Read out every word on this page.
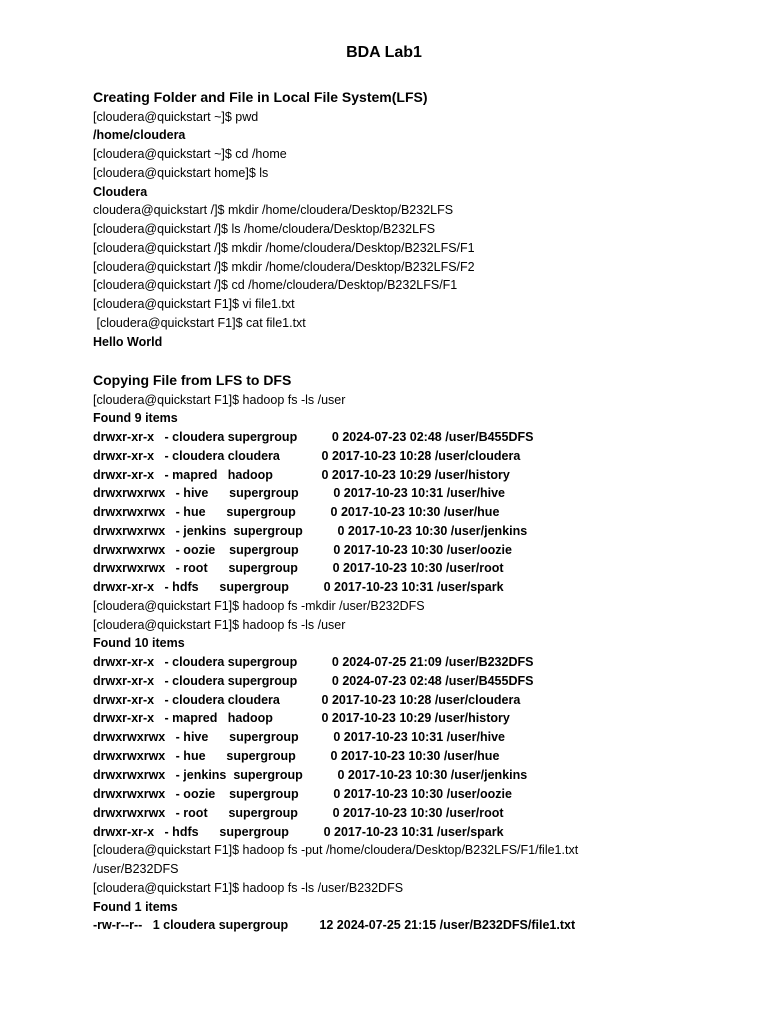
BDA Lab1
Creating Folder and File in Local File System(LFS)
[cloudera@quickstart ~]$ pwd
/home/cloudera
[cloudera@quickstart ~]$ cd /home
[cloudera@quickstart home]$ ls
Cloudera
cloudera@quickstart /]$ mkdir /home/cloudera/Desktop/B232LFS
[cloudera@quickstart /]$ ls /home/cloudera/Desktop/B232LFS
[cloudera@quickstart /]$ mkdir /home/cloudera/Desktop/B232LFS/F1
[cloudera@quickstart /]$ mkdir /home/cloudera/Desktop/B232LFS/F2
[cloudera@quickstart /]$ cd /home/cloudera/Desktop/B232LFS/F1
[cloudera@quickstart F1]$ vi file1.txt
[cloudera@quickstart F1]$ cat file1.txt
Hello World
Copying File from LFS to DFS
[cloudera@quickstart F1]$ hadoop fs -ls /user
Found 9 items
drwxr-xr-x   - cloudera supergroup          0 2024-07-23 02:48 /user/B455DFS
drwxr-xr-x   - cloudera cloudera            0 2017-10-23 10:28 /user/cloudera
drwxr-xr-x   - mapred   hadoop              0 2017-10-23 10:29 /user/history
drwxrwxrwx   - hive      supergroup          0 2017-10-23 10:31 /user/hive
drwxrwxrwx   - hue      supergroup          0 2017-10-23 10:30 /user/hue
drwxrwxrwx   - jenkins  supergroup          0 2017-10-23 10:30 /user/jenkins
drwxrwxrwx   - oozie    supergroup          0 2017-10-23 10:30 /user/oozie
drwxrwxrwx   - root      supergroup          0 2017-10-23 10:30 /user/root
drwxr-xr-x   - hdfs      supergroup          0 2017-10-23 10:31 /user/spark
[cloudera@quickstart F1]$ hadoop fs -mkdir /user/B232DFS
[cloudera@quickstart F1]$ hadoop fs -ls /user
Found 10 items
drwxr-xr-x   - cloudera supergroup          0 2024-07-25 21:09 /user/B232DFS
drwxr-xr-x   - cloudera supergroup          0 2024-07-23 02:48 /user/B455DFS
drwxr-xr-x   - cloudera cloudera            0 2017-10-23 10:28 /user/cloudera
drwxr-xr-x   - mapred   hadoop              0 2017-10-23 10:29 /user/history
drwxrwxrwx   - hive      supergroup          0 2017-10-23 10:31 /user/hive
drwxrwxrwx   - hue      supergroup          0 2017-10-23 10:30 /user/hue
drwxrwxrwx   - jenkins  supergroup          0 2017-10-23 10:30 /user/jenkins
drwxrwxrwx   - oozie    supergroup          0 2017-10-23 10:30 /user/oozie
drwxrwxrwx   - root      supergroup          0 2017-10-23 10:30 /user/root
drwxr-xr-x   - hdfs      supergroup          0 2017-10-23 10:31 /user/spark
[cloudera@quickstart F1]$ hadoop fs -put /home/cloudera/Desktop/B232LFS/F1/file1.txt
/user/B232DFS
[cloudera@quickstart F1]$ hadoop fs -ls /user/B232DFS
Found 1 items
-rw-r--r--   1 cloudera supergroup         12 2024-07-25 21:15 /user/B232DFS/file1.txt
